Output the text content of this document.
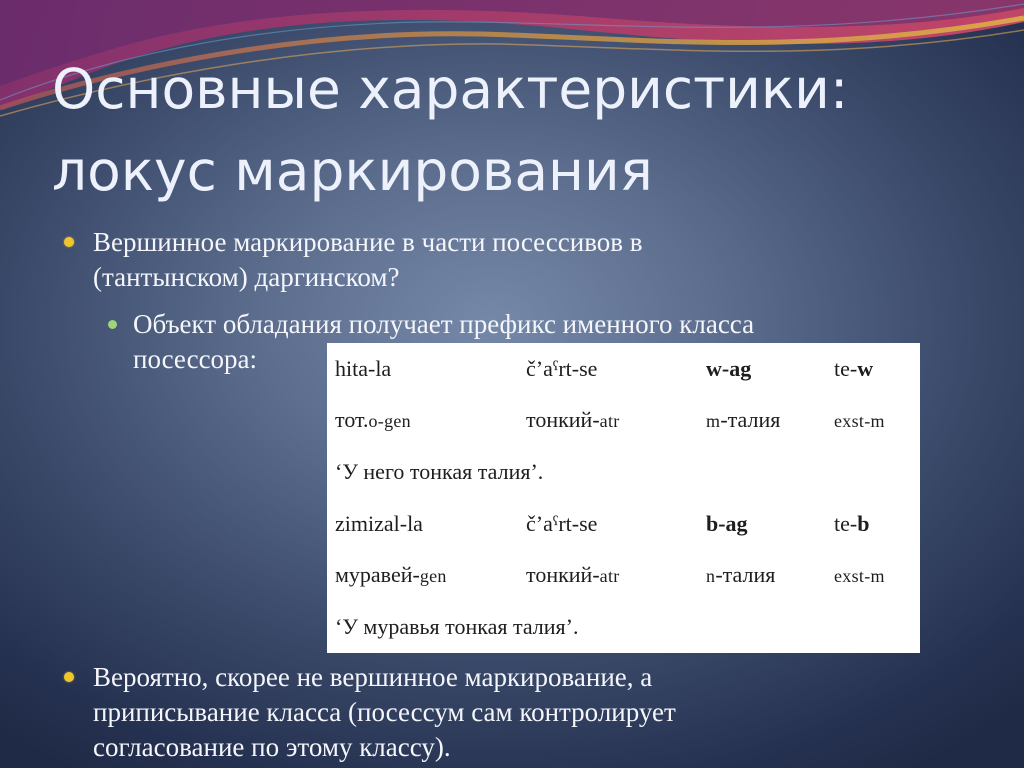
Основные характеристики:
локус маркирования
Вершинное маркирование в части посессивов в
(тантынском) даргинском?
Объект обладания получает префикс именного класса
посессора:	hita-la	č’aˁrt-se	w-ag	te-w
тот.o-gen	тонкий-atr	m-талия	exst-m
‘У него тонкая талия’.			
zimizal-la	č’aˁrt-se	b-ag	te-b
муравей-gen	тонкий-atr	n-талия	exst-m
‘У муравья тонкая талия’.			
Вероятно, скорее не вершинное маркирование, а
приписывание класса (посессум сам контролирует
согласование по этому классу).
